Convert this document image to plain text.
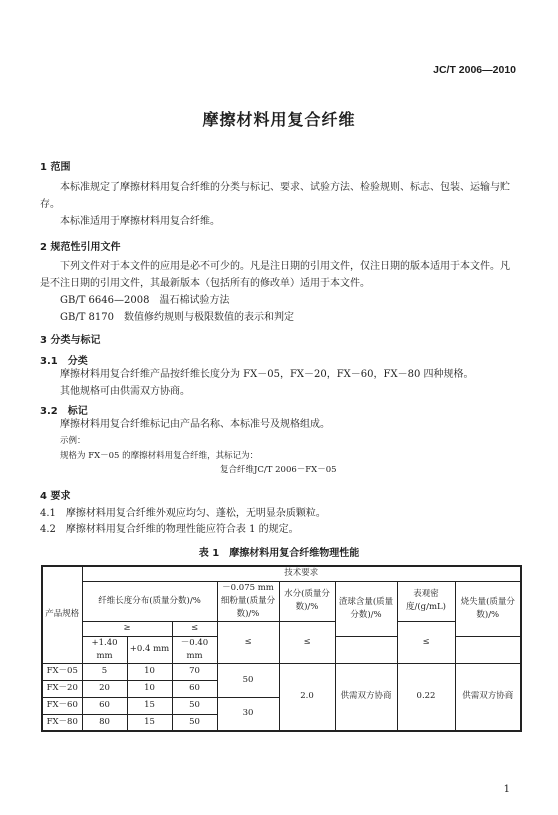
JC/T 2006—2010
摩擦材料用复合纤维
1 范围

本标准规定了摩擦材料用复合纤维的分类与标记、要求、试验方法、检验规则、标志、包装、运输与贮存。

本标准适用于摩擦材料用复合纤维。

2 规范性引用文件

下列文件对于本文件的应用是必不可少的。凡是注日期的引用文件，仅注日期的版本适用于本文件。凡是不注日期的引用文件，其最新版本（包括所有的修改单）适用于本文件。

GB/T 6646—2008　温石棉试验方法

GB/T 8170　数值修约规则与极限数值的表示和判定

3 分类与标记
3.1　分类

摩擦材料用复合纤维产品按纤维长度分为 FX－05，FX－20，FX－60，FX－80 四种规格。

其他规格可由供需双方协商。

3.2　标记
摩擦材料用复合纤维标记由产品名称、本标准号及规格组成。
示例：
规格为 FX－05 的摩擦材料用复合纤维，其标记为：
复合纤维JC/T 2006－FX－05
4 要求
4.1　摩擦材料用复合纤维外观应均匀、蓬松，无明显杂质颗粒。
4.2　摩擦材料用复合纤维的物理性能应符合表 1 的规定。
表 1　摩擦材料用复合纤维物理性能
产品规格	技术要求							
	纤维长度分布(质量分数)/%			－0.075 mm 细粉量(质量分数)/%	水分(质量分数)/%	渣球含量(质量分数)/%	表观密度/(g/mL)	烧失量(质量分数)/%
	≥		≤	≤	≤		≤	
	+1.40 mm	+0.4 mm	－0.40 mm					
FX－05	5	10	70	50	2.0	供需双方协商	0.22	供需双方协商
FX－20	20	10	60					
FX－60	60	15	50	30				
FX－80	80	15	50					
1
